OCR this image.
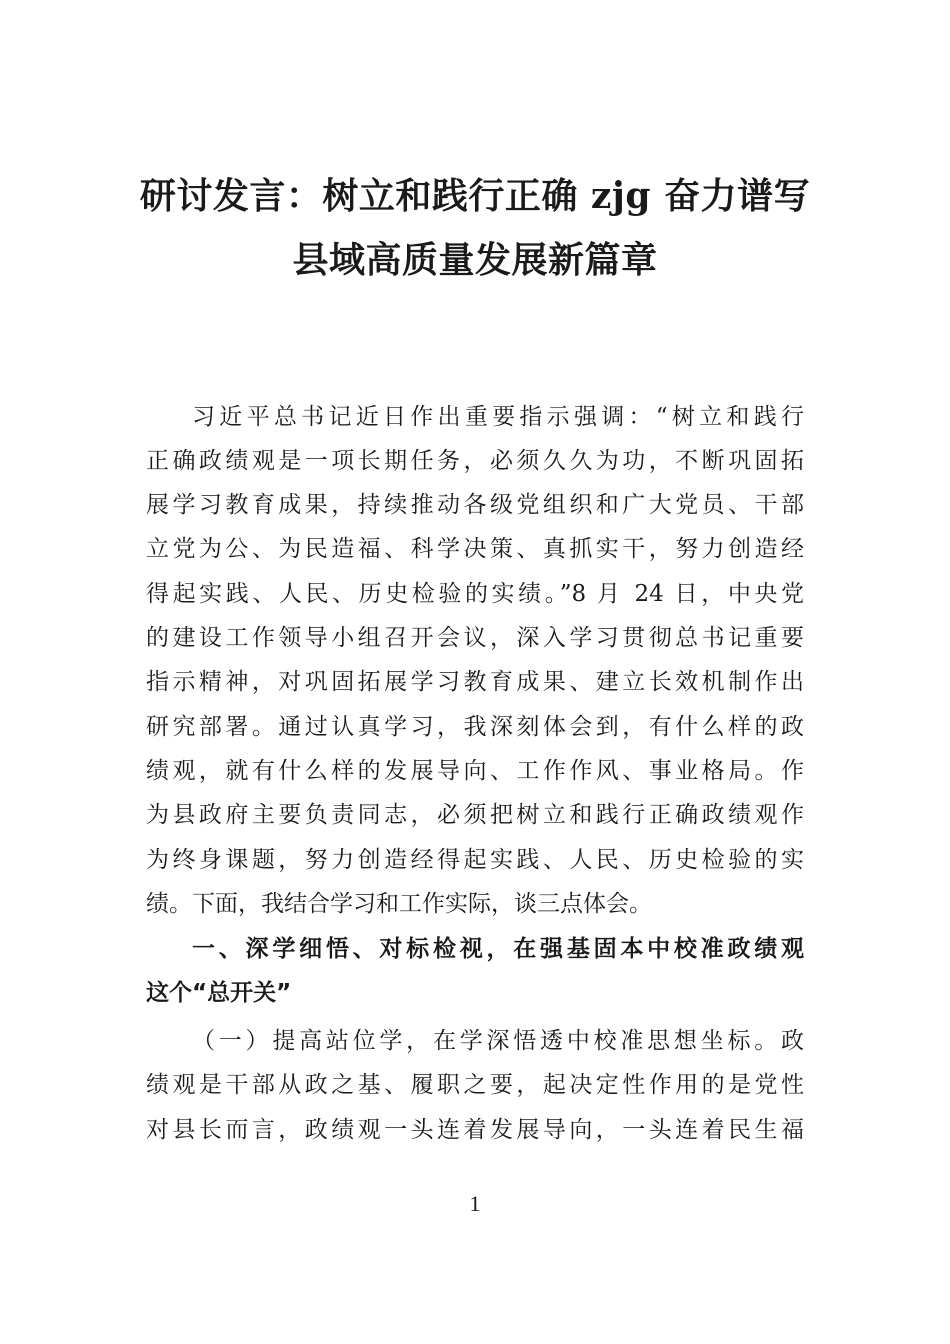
研讨发言：树立和践行正确 zjg 奋力谱写
县域高质量发展新篇章
习近平总书记近日作出重要指示强调：“树立和践行
正确政绩观是一项长期任务，必须久久为功，不断巩固拓
展学习教育成果，持续推动各级党组织和广大党员、干部
立党为公、为民造福、科学决策、真抓实干，努力创造经
得起实践、人民、历史检验的实绩。”8 月 24 日，中央党
的建设工作领导小组召开会议，深入学习贯彻总书记重要
指示精神，对巩固拓展学习教育成果、建立长效机制作出
研究部署。通过认真学习，我深刻体会到，有什么样的政
绩观，就有什么样的发展导向、工作作风、事业格局。作
为县政府主要负责同志，必须把树立和践行正确政绩观作
为终身课题，努力创造经得起实践、人民、历史检验的实
绩。下面，我结合学习和工作实际，谈三点体会。
一、深学细悟、对标检视，在强基固本中校准政绩观
这个“总开关”
（一）提高站位学，在学深悟透中校准思想坐标。政
绩观是干部从政之基、履职之要，起决定性作用的是党性
对县长而言，政绩观一头连着发展导向，一头连着民生福
1
